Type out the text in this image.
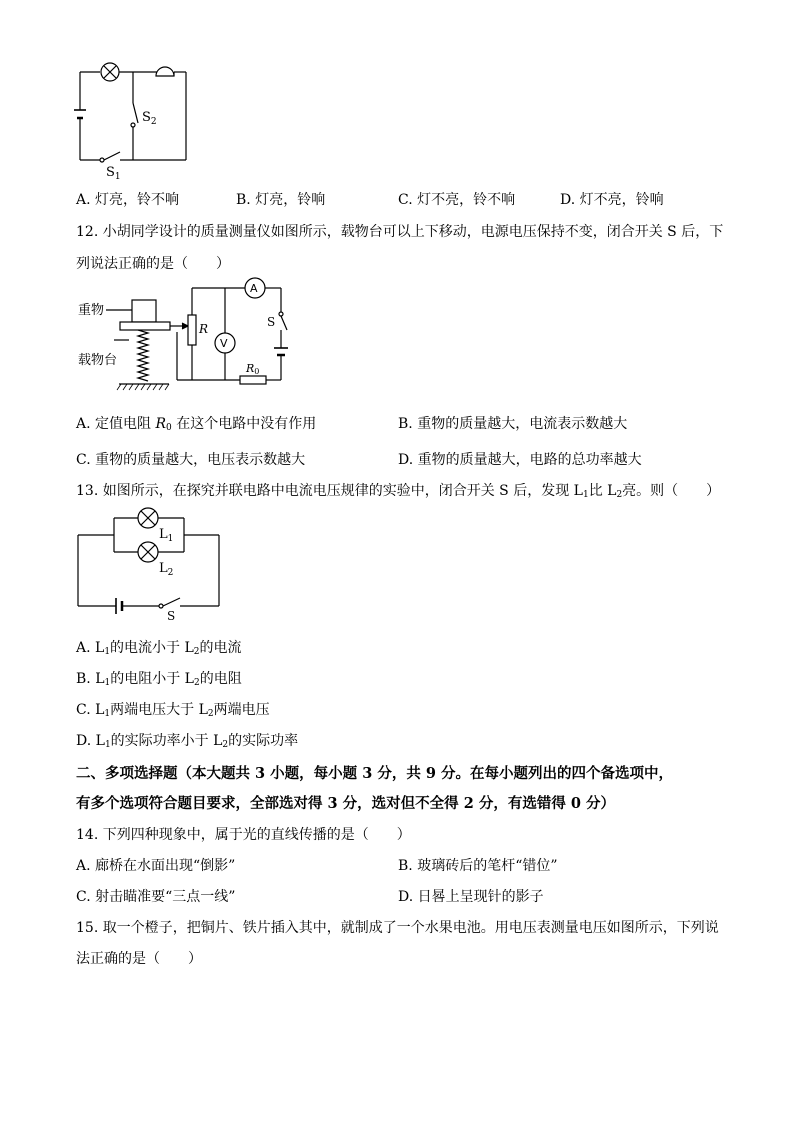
$S_2$
$S_1$
A. 灯亮，铃不响	B. 灯亮，铃响	C. 灯不亮，铃不响	D. 灯不亮，铃响
12. 小胡同学设计的质量测量仪如图所示，载物台可以上下移动，电源电压保持不变，闭合开关 S 后，下
列说法正确的是（　　）
重物
载物台
R
A
V
S
R0
A. 定值电阻 $R_0$ 在这个电路中没有作用	B. 重物的质量越大，电流表示数越大
C. 重物的质量越大，电压表示数越大	D. 重物的质量越大，电路的总功率越大
13. 如图所示，在探究并联电路中电流电压规律的实验中，闭合开关 S 后，发现 $L_1$比 $L_2$亮。则（　　）
$L_1$
$L_2$
S
A. $L_1$的电流小于 $L_2$的电流
B. $L_1$的电阻小于 $L_2$的电阻
C. $L_1$两端电压大于 $L_2$两端电压
D. $L_1$的实际功率小于 $L_2$的实际功率
二、多项选择题（本大题共 3 小题，每小题 3 分，共 9 分。在每小题列出的四个备选项中，
有多个选项符合题目要求，全部选对得 3 分，选对但不全得 2 分，有选错得 0 分）
14. 下列四种现象中，属于光的直线传播的是（　　）
A. 廊桥在水面出现“倒影”	B. 玻璃砖后的笔杆“错位”
C. 射击瞄准要“三点一线”	D. 日晷上呈现针的影子
15. 取一个橙子，把铜片、铁片插入其中，就制成了一个水果电池。用电压表测量电压如图所示，下列说
法正确的是（　　）
